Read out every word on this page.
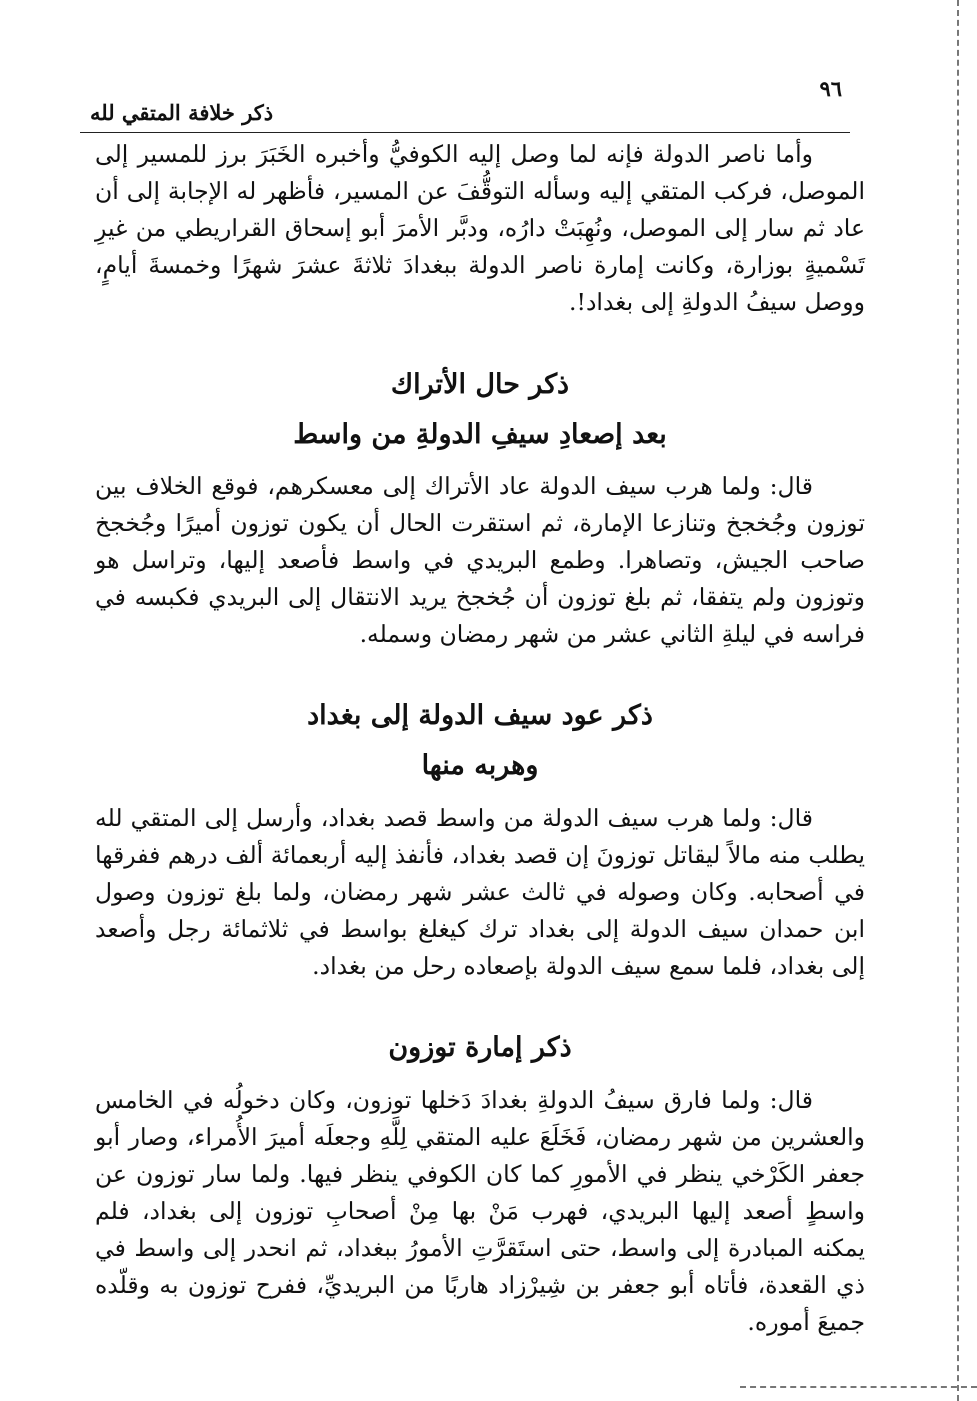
٩٦
ذكر خلافة المتقي لله

وأما ناصر الدولة فإنه لما وصل إليه الكوفيُّ وأخبره الخَبَرَ برز للمسير إلى الموصل، فركب المتقي إليه وسأله التوقُّفَ عن المسير، فأظهر له الإجابة إلى أن عاد ثم سار إلى الموصل، ونُهِبَتْ دارُه، ودبَّر الأمرَ أبو إسحاق القراريطي من غيرِ تَسْميةٍ بوزارة، وكانت إمارة ناصر الدولة ببغدادَ ثلاثةَ عشرَ شهرًا وخمسةَ أيامٍ، ووصل سيفُ الدولةِ إلى بغداد!.

ذكر حال الأتراك
بعد إصعادِ سيفِ الدولةِ من واسط

قال: ولما هرب سيف الدولة عاد الأتراك إلى معسكرهم، فوقع الخلاف بين توزون وجُخجخ وتنازعا الإمارة، ثم استقرت الحال أن يكون توزون أميرًا وجُخجخ صاحب الجيش، وتصاهرا. وطمع البريدي في واسط فأصعد إليها، وتراسل هو وتوزون ولم يتفقا، ثم بلغ توزون أن جُخجخ يريد الانتقال إلى البريدي فكبسه في فراسه في ليلةِ الثاني عشر من شهر رمضان وسمله.

ذكر عود سيف الدولة إلى بغداد
وهربه منها

قال: ولما هرب سيف الدولة من واسط قصد بغداد، وأرسل إلى المتقي لله يطلب منه مالاً ليقاتل توزونَ إن قصد بغداد، فأنفذ إليه أربعمائة ألف درهم ففرقها في أصحابه. وكان وصوله في ثالث عشر شهر رمضان، ولما بلغ توزون وصول ابن حمدان سيف الدولة إلى بغداد ترك كيغلغ بواسط في ثلاثمائة رجل وأصعد إلى بغداد، فلما سمع سيف الدولة بإصعاده رحل من بغداد.

ذكر إمارة توزون

قال: ولما فارق سيفُ الدولةِ بغدادَ دَخلها توزون، وكان دخولُه في الخامس والعشرين من شهر رمضان، فَخَلَعَ عليه المتقي لِلَّهِ وجعلَه أميرَ الأُمراء، وصار أبو جعفر الكَرْخي ينظر في الأمورِ كما كان الكوفي ينظر فيها. ولما سار توزون عن واسطٍ أصعد إليها البريدي، فهرب مَنْ بها مِنْ أصحابِ توزون إلى بغداد، فلم يمكنه المبادرة إلى واسط، حتى استَقرَّتِ الأمورُ ببغداد، ثم انحدر إلى واسط في ذي القعدة، فأتاه أبو جعفر بن شِيرْزاد هاربًا من البريديِّ، ففرح توزون به وقلّده جميعَ أموره.
